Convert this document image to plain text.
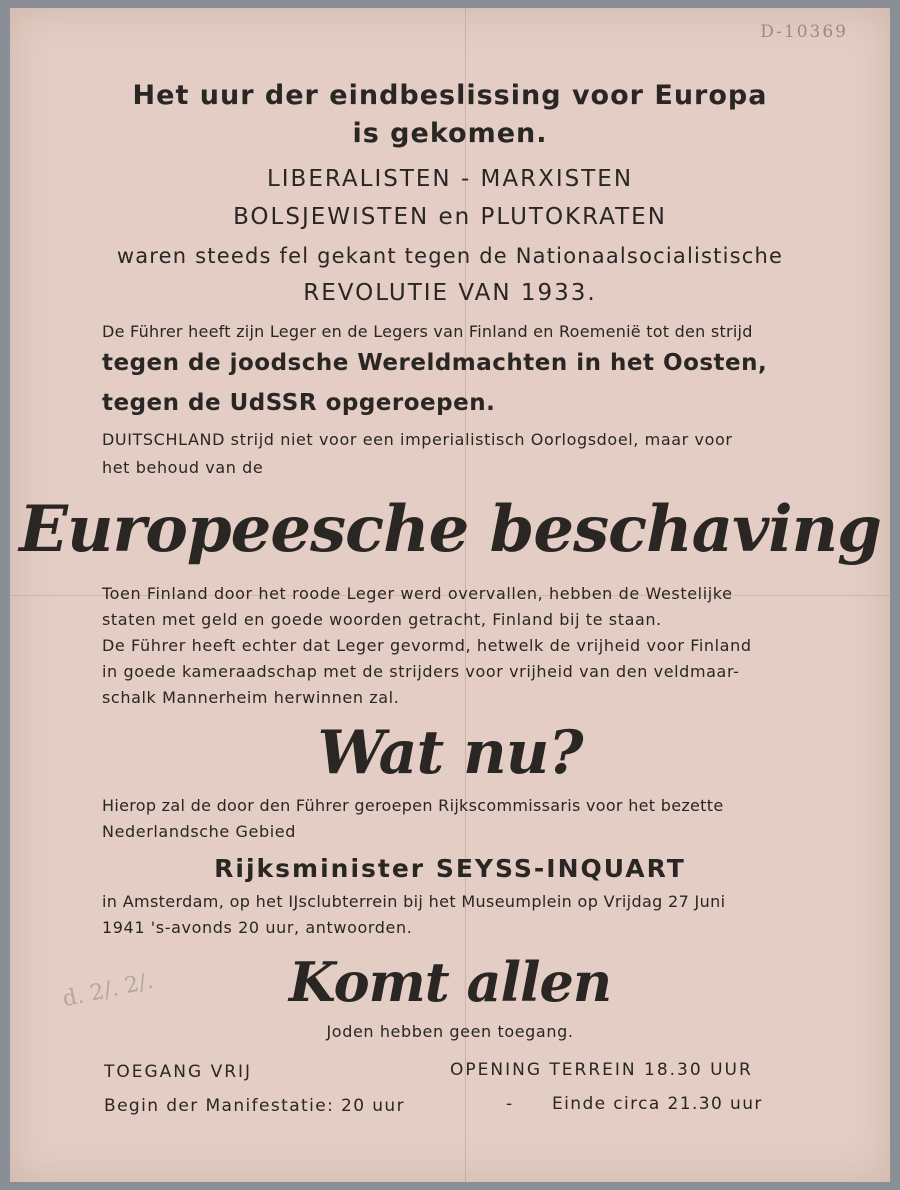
D-10369
d. 2/. 2/.
Het uur der eindbeslissing voor Europa
is gekomen.
LIBERALISTEN - MARXISTEN
BOLSJEWISTEN en PLUTOKRATEN
waren steeds fel gekant tegen de Nationaalsocialistische
REVOLUTIE VAN 1933.
De Führer heeft zijn Leger en de Legers van Finland en Roemenië tot den strijd
tegen de joodsche Wereldmachten in het Oosten,
tegen de UdSSR opgeroepen.
DUITSCHLAND strijd niet voor een imperialistisch Oorlogsdoel, maar voor
het behoud van de
Europeesche beschaving
Toen Finland door het roode Leger werd overvallen, hebben de Westelijke
staten met geld en goede woorden getracht, Finland bij te staan.
De Führer heeft echter dat Leger gevormd, hetwelk de vrijheid voor Finland
in goede kameraadschap met de strijders voor vrijheid van den veldmaar-
schalk Mannerheim herwinnen zal.
Wat nu?
Hierop zal de door den Führer geroepen Rijkscommissaris voor het bezette
Nederlandsche Gebied
Rijksminister SEYSS-INQUART
in Amsterdam, op het IJsclubterrein bij het Museumplein op Vrijdag 27 Juni
1941 's-avonds 20 uur, antwoorden.
Komt allen
Joden hebben geen toegang.
TOEGANG VRIJ	OPENING TERREIN 18.30 UUR
Begin der Manifestatie: 20 uur	- Einde circa 21.30 uur
